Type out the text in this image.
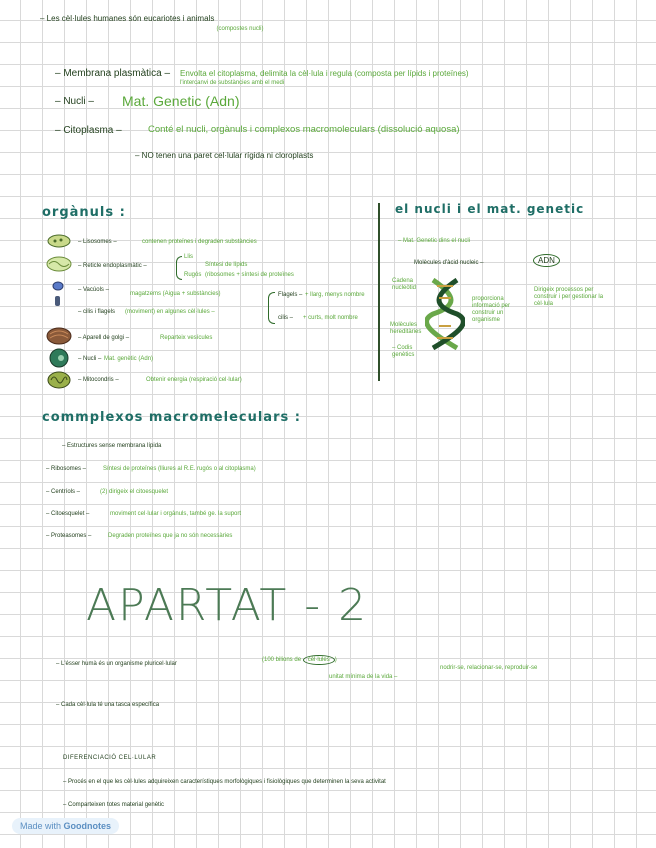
– Les cèl·lules humanes són eucariotes i animals
(compostes nucli)
– Membrana plasmàtica – Envolta el citoplasma, delimita la cèl·lula i regula (composta per lípids i proteïnes)
l'intercanvi de substàncies amb el medi
– Nucli – Mat. Genetic (Adn)
– Citoplasma –	Conté el nucli, orgànuls i complexos macromoleculars (dissolució aquosa)
– NO tenen una paret cel·lular rígida ni cloroplasts
orgànuls :
– Lisosomes –	contenen proteïnes i degraden substàncies
– Reticle endoplasmàtic –
Llis
Síntesi de lípids
Rugós (ribosomes + síntesi de proteïnes
– Vacúols –
magatzems (Aigua + substàncies)
– cilis i flagels (moviment) en algunes cèl·lules –
Flagels – + llarg, menys nombre
cilis – + curts, molt nombre
– Aparell de golgi –	Reparteix vesícules
– Nucli – Mat. genètic (Adn)
– Mitocondris –	Obtenir energia (respiració cel·lular)
el nucli i el mat. genetic
– Mat. Genetic dins el nucli
Molècules d'àcid nucleic –	ADN
Cadena nucleòtid
Molècules hereditàries
– Codis genètics
proporciona informació per construir un organisme
Dirigeix processos per construir i per gestionar la cèl·lula
commplexos macromeleculars :
– Estructures sense membrana lípida
– Ribosomes –	Síntesi de proteïnes (lliures al R.E. rugós o al citoplasma)
– Centríols –	(2) dirigeix el citoesquelet
– Citoesquelet –	moviment cel·lular i orgànuls, també ge. la suport
– Proteasomes –	Degraden proteïnes que ja no són necessàries
APARTAT - 2
– L'ésser humà és un organisme pluricel·lular
(100 bilions de cèl·lules )
unitat mínima de la vida –
nodrir-se, relacionar-se, reproduir-se
– Cada cèl·lula té una tasca específica
DIFERENCIACIÓ CEL·LULAR
– Procés en el que les cèl·lules adquireixen característiques morfològiques i fisiològiques que determinen la seva activitat
– Comparteixen totes material genètic
Made with Goodnotes
